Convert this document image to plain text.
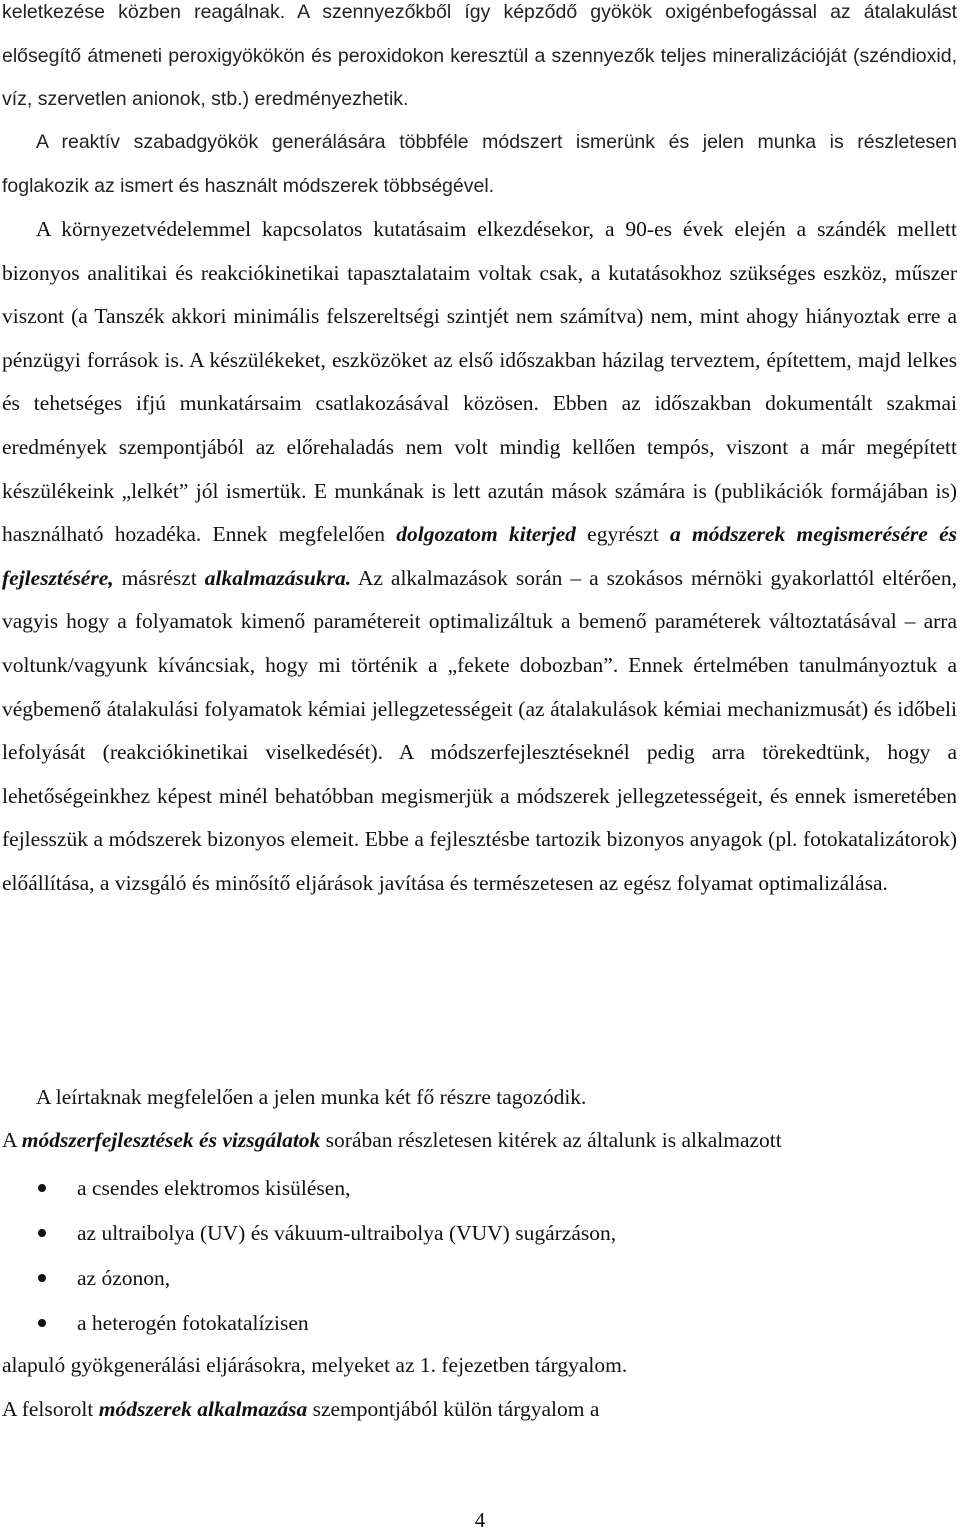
keletkezése közben reagálnak. A szennyezőkből így képződő gyökök oxigénbefogással az átalakulást elősegítő átmeneti peroxigyökökön és peroxidokon keresztül a szennyezők teljes mineralizációját (széndioxid, víz, szervetlen anionok, stb.) eredményezhetik.

A reaktív szabadgyökök generálására többféle módszert ismerünk és jelen munka is részletesen foglakozik az ismert és használt módszerek többségével.

A környezetvédelemmel kapcsolatos kutatásaim elkezdésekor, a 90-es évek elején a szándék mellett bizonyos analitikai és reakciókinetikai tapasztalataim voltak csak, a kutatásokhoz szükséges eszköz, műszer viszont (a Tanszék akkori minimális felszereltségi szintjét nem számítva) nem, mint ahogy hiányoztak erre a pénzügyi források is. A készülékeket, eszközöket az első időszakban házilag terveztem, építettem, majd lelkes és tehetséges ifjú munkatársaim csatlakozásával közösen. Ebben az időszakban dokumentált szakmai eredmények szempontjából az előrehaladás nem volt mindig kellően tempós, viszont a már megépített készülékeink „lelkét” jól ismertük. E munkának is lett azután mások számára is (publikációk formájában is) használható hozadéka. Ennek megfelelően dolgozatom kiterjed egyrészt a módszerek megismerésére és fejlesztésére, másrészt alkalmazásukra. Az alkalmazások során – a szokásos mérnöki gyakorlattól eltérően, vagyis hogy a folyamatok kimenő paramétereit optimalizáltuk a bemenő paraméterek változtatásával – arra voltunk/vagyunk kíváncsiak, hogy mi történik a „fekete dobozban”. Ennek értelmében tanulmányoztuk a végbemenő átalakulási folyamatok kémiai jellegzetességeit (az átalakulások kémiai mechanizmusát) és időbeli lefolyását (reakciókinetikai viselkedését). A módszerfejlesztéseknél pedig arra törekedtünk, hogy a lehetőségeinkhez képest minél behatóbban megismerjük a módszerek jellegzetességeit, és ennek ismeretében fejlesszük a módszerek bizonyos elemeit. Ebbe a fejlesztésbe tartozik bizonyos anyagok (pl. fotokatalizátorok) előállítása, a vizsgáló és minősítő eljárások javítása és természetesen az egész folyamat optimalizálása.

A leírtaknak megfelelően a jelen munka két fő részre tagozódik.

A módszerfejlesztések és vizsgálatok sorában részletesen kitérek az általunk is alkalmazott

a csendes elektromos kisülésen,
az ultraibolya (UV) és vákuum-ultraibolya (VUV) sugárzáson,
az ózonon,
a heterogén fotokatalízisen

alapuló gyökgenerálási eljárásokra, melyeket az 1. fejezetben tárgyalom.

A felsorolt módszerek alkalmazása szempontjából külön tárgyalom a

4
